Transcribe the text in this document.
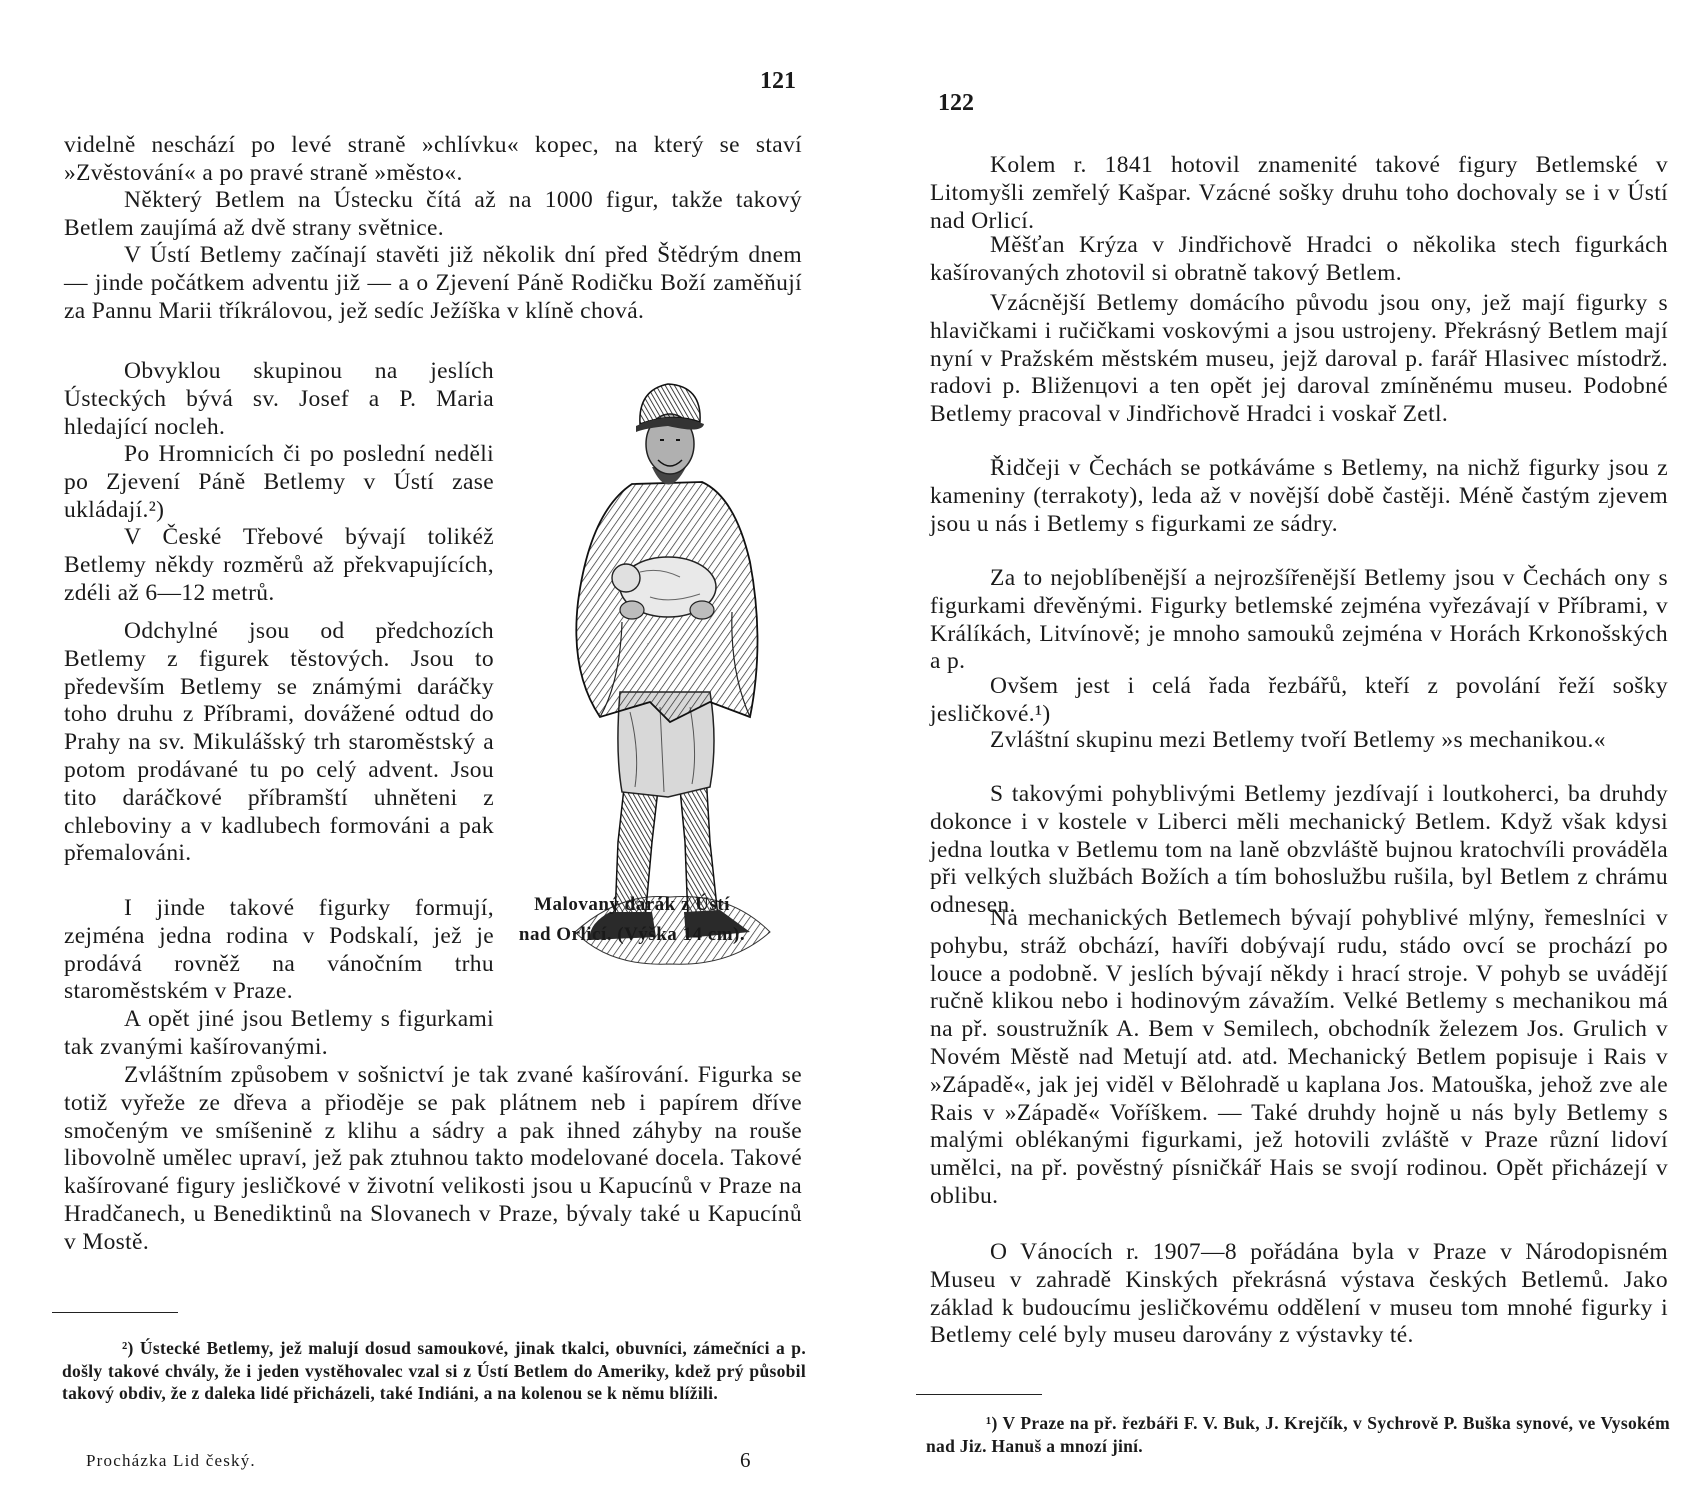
121

videlně neschází po levé straně »chlívku« kopec, na který se staví »Zvěstování« a po pravé straně »město«.

Některý Betlem na Ústecku čítá až na 1000 figur, takže takový Betlem zaujímá až dvě strany světnice.

V Ústí Betlemy začínají stavěti již několik dní před Štědrým dnem — jinde počátkem adventu již — a o Zjevení Páně Rodičku Boží zaměňují za Pannu Marii tříkrálovou, jež sedíc Ježíška v klíně chová.

Obvyklou skupinou na jeslích Ústeckých bývá sv. Josef a P. Maria hledající nocleh.

Po Hromnicích či po poslední neděli po Zjevení Páně Betlemy v Ústí zase ukládají.²)

V České Třebové bývají tolikéž Betlemy někdy rozměrů až překvapujících, zdéli až 6—12 metrů.

Odchylné jsou od předchozích Betlemy z figurek těstových. Jsou to především Betlemy se známými daráčky toho druhu z Příbrami, dovážené odtud do Prahy na sv. Mikulášský trh staroměstský a potom prodávané tu po celý advent. Jsou tito daráčkové příbramští uhněteni z chleboviny a v kadlubech formováni a pak přemalováni.

I jinde takové figurky formují, zejména jedna rodina v Podskalí, jež je prodává rovněž na vánočním trhu staroměstském v Praze.

A opět jiné jsou Betlemy s figurkami tak zvanými kašírovanými.

Zvláštním způsobem v sošnictví je tak zvané kašírování. Figurka se totiž vyřeže ze dřeva a přioděje se pak plátnem neb i papírem dříve smočeným ve smíšenině z klihu a sádry a pak ihned záhyby na rouše libovolně umělec upraví, jež pak ztuhnou takto modelované docela. Takové kašírované figury jesličkové v životní velikosti jsou u Kapucínů v Praze na Hradčanech, u Benediktinů na Slovanech v Praze, bývaly také u Kapucínů v Mostě.

Malovaný darák z Ústí
nad Orlicí. (Výška 14 cm).

²) Ústecké Betlemy, jež malují dosud samoukové, jinak tkalci, obuvníci, zámečníci a p. došly takové chvály, že i jeden vystěhovalec vzal si z Ústí Betlem do Ameriky, kdež prý působil takový obdiv, že z daleka lidé přicházeli, také Indiáni, a na kolenou se k němu blížili.

Procházka Lid český.	6
122

Kolem r. 1841 hotovil znamenité takové figury Betlemské v Litomyšli zemřelý Kašpar. Vzácné sošky druhu toho dochovaly se i v Ústí nad Orlicí.

Měšťan Krýza v Jindřichově Hradci o několika stech figurkách kašírovaných zhotovil si obratně takový Betlem.

Vzácnější Betlemy domácího původu jsou ony, jež mají figurky s hlavičkami i ručičkami voskovými a jsou ustrojeny. Překrásný Betlem mají nyní v Pražském městském museu, jejž daroval p. farář Hlasivec místodrž. radovi p. Bliženцovi a ten opět jej daroval zmíněnému museu. Podobné Betlemy pracoval v Jindřichově Hradci i voskař Zetl.

Řidčeji v Čechách se potkáváme s Betlemy, na nichž figurky jsou z kameniny (terrakoty), leda až v novější době častěji. Méně častým zjevem jsou u nás i Betlemy s figurkami ze sádry.

Za to nejoblíbenější a nejrozšířenější Betlemy jsou v Čechách ony s figurkami dřevěnými. Figurky betlemské zejména vyřezávají v Příbrami, v Králíkách, Litvínově; je mnoho samouků zejména v Horách Krkonošských a p.

Ovšem jest i celá řada řezbářů, kteří z povolání řeží sošky jesličkové.¹)

Zvláštní skupinu mezi Betlemy tvoří Betlemy »s mechanikou.«

S takovými pohyblivými Betlemy jezdívají i loutkoherci, ba druhdy dokonce i v kostele v Liberci měli mechanický Betlem. Když však kdysi jedna loutka v Betlemu tom na laně obzvláště bujnou kratochvíli prováděla při velkých službách Božích a tím bohoslužbu rušila, byl Betlem z chrámu odnesen.

Na mechanických Betlemech bývají pohyblivé mlýny, řemeslníci v pohybu, stráž obchází, havíři dobývají rudu, stádo ovcí se prochází po louce a podobně. V jeslích bývají někdy i hrací stroje. V pohyb se uvádějí ručně klikou nebo i hodinovým závažím. Velké Betlemy s mechanikou má na př. soustružník A. Bem v Semilech, obchodník železem Jos. Grulich v Novém Městě nad Metují atd. atd. Mechanický Betlem popisuje i Rais v »Západě«, jak jej viděl v Bělohradě u kaplana Jos. Matouška, jehož zve ale Rais v »Západě« Voříškem. — Také druhdy hojně u nás byly Betlemy s malými oblékanými figurkami, jež hotovili zvláště v Praze různí lidoví umělci, na př. pověstný písničkář Hais se svojí rodinou. Opět přicházejí v oblibu.

O Vánocích r. 1907—8 pořádána byla v Praze v Národopisném Museu v zahradě Kinských překrásná výstava českých Betlemů. Jako základ k budoucímu jesličkovému oddělení v museu tom mnohé figurky i Betlemy celé byly museu darovány z výstavky té.

¹) V Praze na př. řezbáři F. V. Buk, J. Krejčík, v Sychrově P. Buška synové, ve Vysokém nad Jiz. Hanuš a mnozí jiní.
